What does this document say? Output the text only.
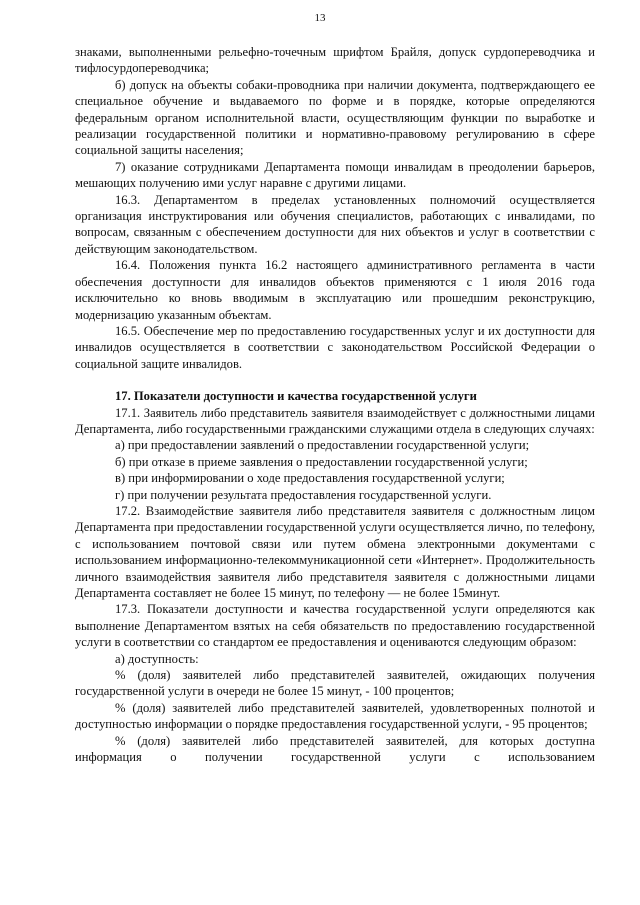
13

знаками, выполненными рельефно-точечным шрифтом Брайля, допуск сурдопереводчика и тифлосурдопереводчика;

б) допуск на объекты собаки-проводника при наличии документа, подтверждающего ее специальное обучение и выдаваемого по форме и в порядке, которые определяются федеральным органом исполнительной власти, осуществляющим функции по выработке и реализации государственной политики и нормативно-правовому регулированию в сфере социальной защиты населения;

7) оказание сотрудниками Департамента помощи инвалидам в преодолении барьеров, мешающих получению ими услуг наравне с другими лицами.

16.3. Департаментом в пределах установленных полномочий осуществляется организация инструктирования или обучения специалистов, работающих с инвалидами, по вопросам, связанным с обеспечением доступности для них объектов и услуг в соответствии с действующим законодательством.

16.4. Положения пункта 16.2 настоящего административного регламента в части обеспечения доступности для инвалидов объектов применяются с 1 июля 2016 года исключительно ко вновь вводимым в эксплуатацию или прошедшим реконструкцию, модернизацию указанным объектам.

16.5. Обеспечение мер по предоставлению государственных услуг и их доступности для инвалидов осуществляется в соответствии с законодательством Российской Федерации о социальной защите инвалидов.

17. Показатели доступности и качества государственной услуги

17.1. Заявитель либо представитель заявителя взаимодействует с должностными лицами Департамента, либо государственными гражданскими служащими отдела в следующих случаях:

а) при предоставлении заявлений о предоставлении государственной услуги;

б) при отказе в приеме заявления о предоставлении государственной услуги;

в) при информировании о ходе предоставления государственной услуги;

г) при получении результата предоставления государственной услуги.

17.2. Взаимодействие заявителя либо представителя заявителя с должностным лицом Департамента при предоставлении государственной услуги осуществляется лично, по телефону, с использованием почтовой связи или путем обмена электронными документами с использованием информационно-телекоммуникационной сети «Интернет». Продолжительность личного взаимодействия заявителя либо представителя заявителя с должностными лицами Департамента составляет не более 15 минут, по телефону — не более 15минут.

17.3. Показатели доступности и качества государственной услуги определяются как выполнение Департаментом взятых на себя обязательств по предоставлению государственной услуги в соответствии со стандартом ее предоставления и оцениваются следующим образом:

а) доступность:

% (доля) заявителей либо представителей заявителей, ожидающих получения государственной услуги в очереди не более 15 минут, - 100 процентов;

% (доля) заявителей либо представителей заявителей, удовлетворенных полнотой и доступностью информации о порядке предоставления государственной услуги, - 95 процентов;

% (доля) заявителей либо представителей заявителей, для которых доступна информация о получении государственной услуги с использованием
